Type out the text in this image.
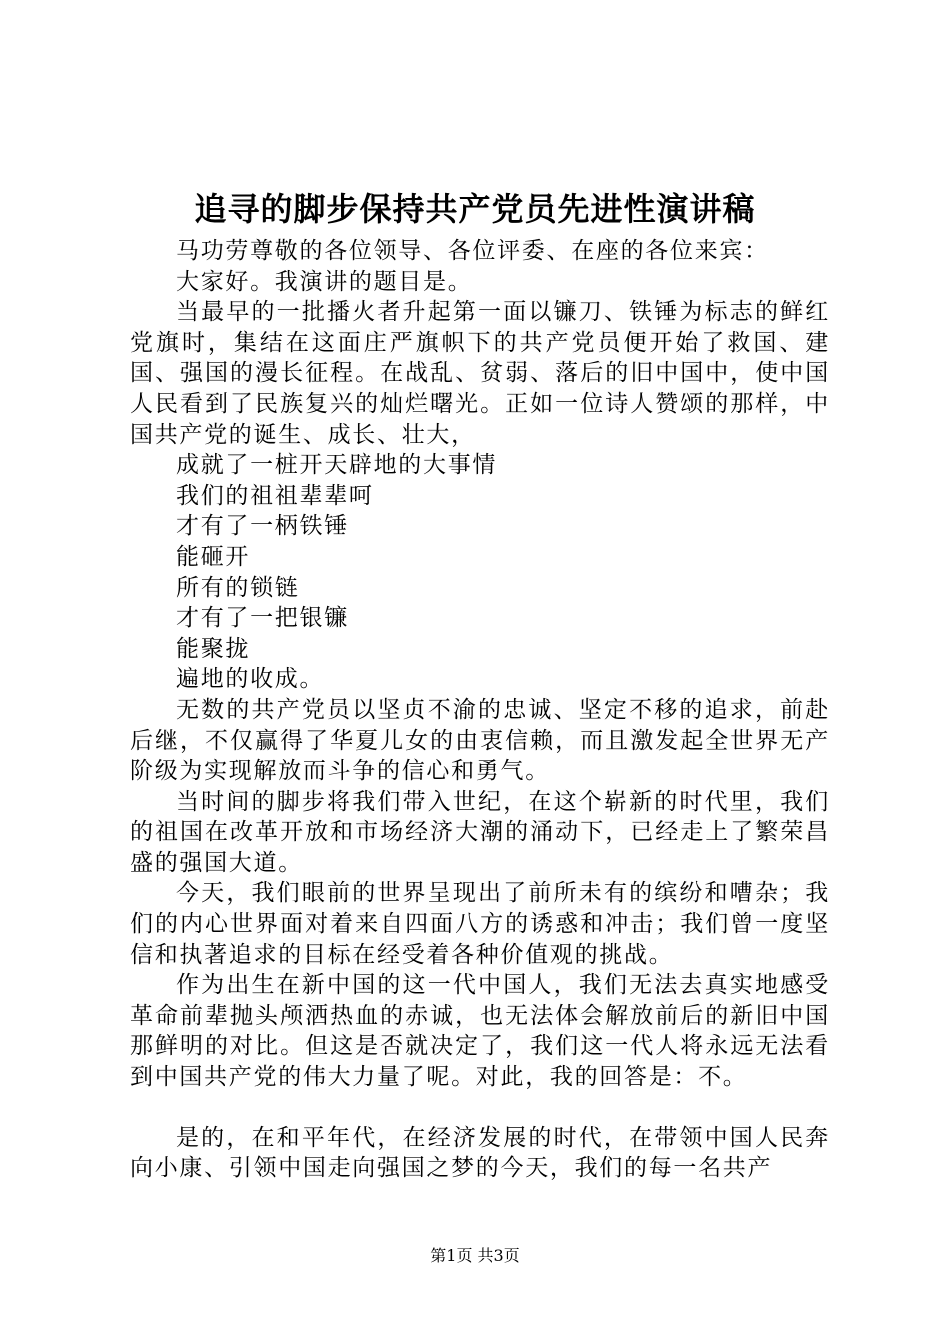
追寻的脚步保持共产党员先进性演讲稿

马功劳尊敬的各位领导、各位评委、在座的各位来宾：

大家好。我演讲的题目是。

当最早的一批播火者升起第一面以镰刀、铁锤为标志的鲜红党旗时，集结在这面庄严旗帜下的共产党员便开始了救国、建国、强国的漫长征程。在战乱、贫弱、落后的旧中国中，使中国人民看到了民族复兴的灿烂曙光。正如一位诗人赞颂的那样，中国共产党的诞生、成长、壮大，

成就了一桩开天辟地的大事情

我们的祖祖辈辈呵

才有了一柄铁锤

能砸开

所有的锁链

才有了一把银镰

能聚拢

遍地的收成。

无数的共产党员以坚贞不渝的忠诚、坚定不移的追求，前赴后继，不仅赢得了华夏儿女的由衷信赖，而且激发起全世界无产阶级为实现解放而斗争的信心和勇气。

当时间的脚步将我们带入世纪，在这个崭新的时代里，我们的祖国在改革开放和市场经济大潮的涌动下，已经走上了繁荣昌盛的强国大道。

今天，我们眼前的世界呈现出了前所未有的缤纷和嘈杂；我们的内心世界面对着来自四面八方的诱惑和冲击；我们曾一度坚信和执著追求的目标在经受着各种价值观的挑战。

作为出生在新中国的这一代中国人，我们无法去真实地感受革命前辈抛头颅洒热血的赤诚，也无法体会解放前后的新旧中国那鲜明的对比。但这是否就决定了，我们这一代人将永远无法看到中国共产党的伟大力量了呢。对此，我的回答是：不。

是的，在和平年代，在经济发展的时代，在带领中国人民奔向小康、引领中国走向强国之梦的今天，我们的每一名共产

第1页 共3页
